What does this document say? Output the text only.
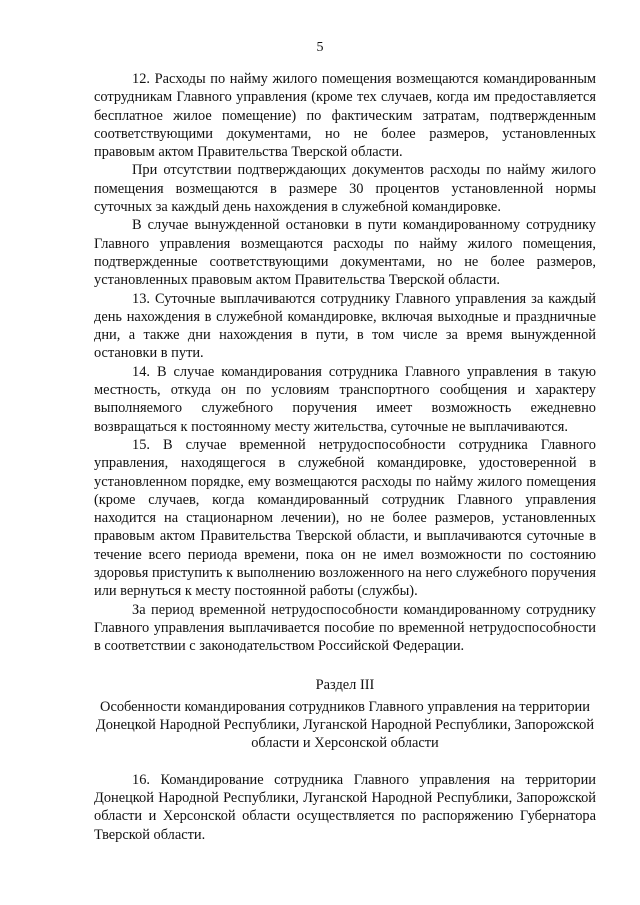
5

12. Расходы по найму жилого помещения возмещаются командированным сотрудникам Главного управления (кроме тех случаев, когда им предоставляется бесплатное жилое помещение) по фактическим затратам, подтвержденным соответствующими документами, но не более размеров, установленных правовым актом Правительства Тверской области.

При отсутствии подтверждающих документов расходы по найму жилого помещения возмещаются в размере 30 процентов установленной нормы суточных за каждый день нахождения в служебной командировке.

В случае вынужденной остановки в пути командированному сотруднику Главного управления возмещаются расходы по найму жилого помещения, подтвержденные соответствующими документами, но не более размеров, установленных правовым актом Правительства Тверской области.

13. Суточные выплачиваются сотруднику Главного управления за каждый день нахождения в служебной командировке, включая выходные и праздничные дни, а также дни нахождения в пути, в том числе за время вынужденной остановки в пути.

14. В случае командирования сотрудника Главного управления в такую местность, откуда он по условиям транспортного сообщения и характеру выполняемого служебного поручения имеет возможность ежедневно возвращаться к постоянному месту жительства, суточные не выплачиваются.

15. В случае временной нетрудоспособности сотрудника Главного управления, находящегося в служебной командировке, удостоверенной в установленном порядке, ему возмещаются расходы по найму жилого помещения (кроме случаев, когда командированный сотрудник Главного управления находится на стационарном лечении), но не более размеров, установленных правовым актом Правительства Тверской области, и выплачиваются суточные в течение всего периода времени, пока он не имел возможности по состоянию здоровья приступить к выполнению возложенного на него служебного поручения или вернуться к месту постоянной работы (службы).

За период временной нетрудоспособности командированному сотруднику Главного управления выплачивается пособие по временной нетрудоспособности в соответствии с законодательством Российской Федерации.

Раздел III
Особенности командирования сотрудников Главного управления на территории Донецкой Народной Республики, Луганской Народной Республики, Запорожской области и Херсонской области

16. Командирование сотрудника Главного управления на территории Донецкой Народной Республики, Луганской Народной Республики, Запорожской области и Херсонской области осуществляется по распоряжению Губернатора Тверской области.
